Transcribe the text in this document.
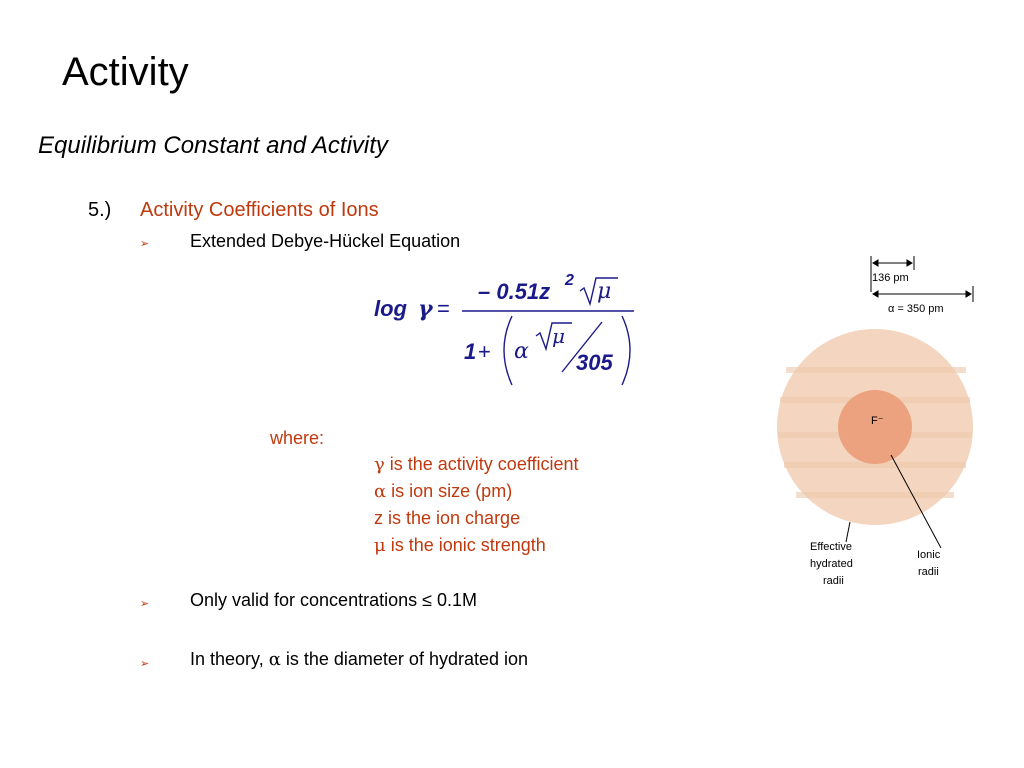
Activity
Equilibrium Constant and Activity
5.) Activity Coefficients of Ions
➢ Extended Debye-Hückel Equation
log γ =
– 0.51z 2 μ
1 + α
μ
305
where:
γ is the activity coefficient
α is ion size (pm)
z is the ion charge
μ is the ionic strength
➢ Only valid for concentrations ≤ 0.1M
➢ In theory, α is the diameter of hydrated ion
F⁻
136 pm
α = 350 pm
Effective
hydrated
radii
Ionic
radii
